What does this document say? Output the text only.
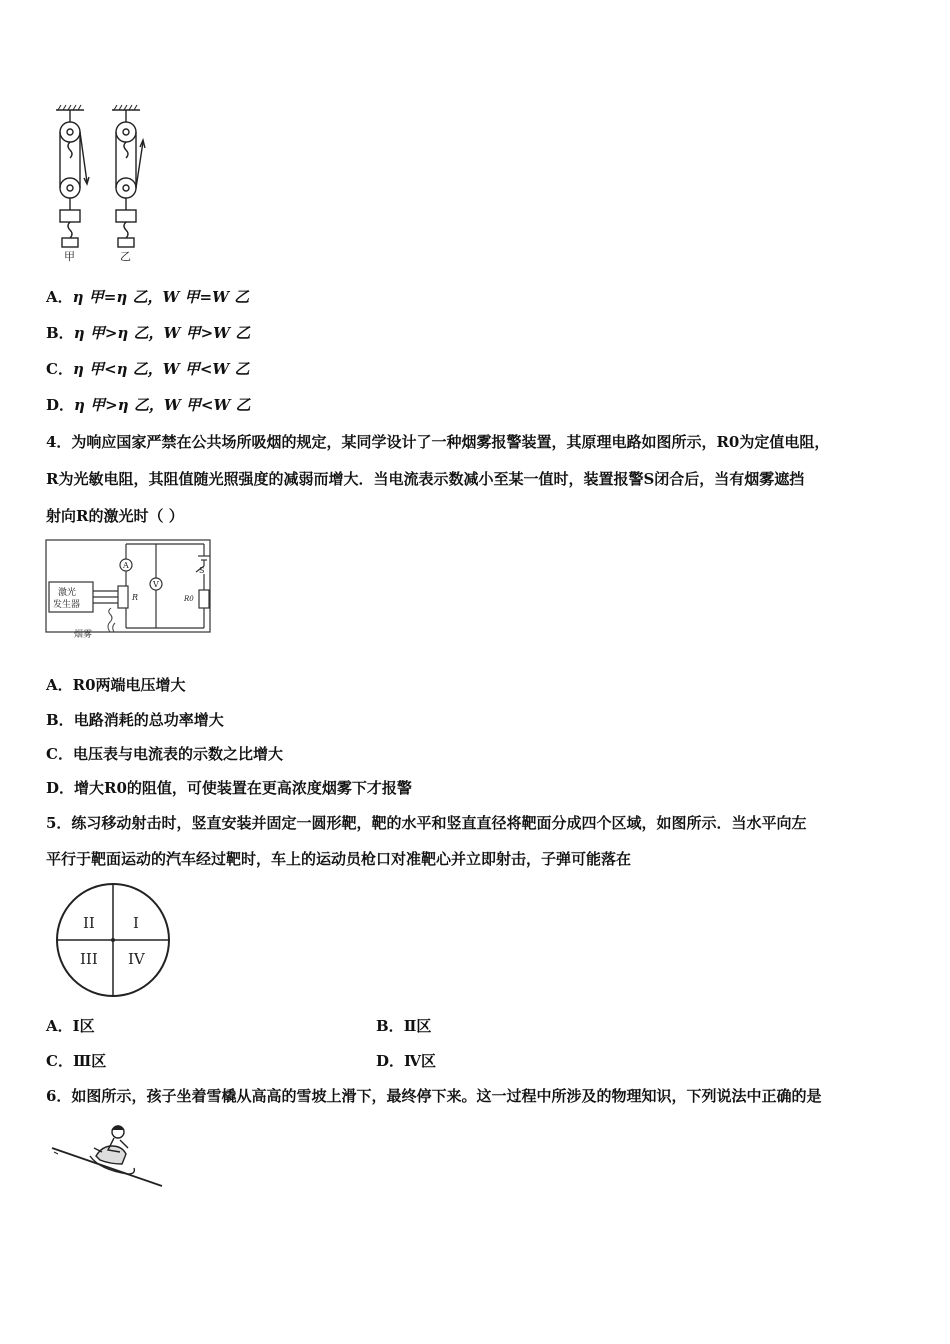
甲	乙
A．η 甲=η 乙，W 甲=W 乙
B．η 甲>η 乙，W 甲>W 乙
C．η 甲<η 乙，W 甲<W 乙
D．η 甲>η 乙，W 甲<W 乙
4．为响应国家严禁在公共场所吸烟的规定，某同学设计了一种烟雾报警装置，其原理电路如图所示，R0为定值电阻，
R为光敏电阻，其阻值随光照强度的减弱而增大．当电流表示数减小至某一值时，装置报警S闭合后，当有烟雾遮挡
射向R的激光时（ ）
A
V
R	R0
S
激光
发生器
烟雾
A．R0两端电压增大
B．电路消耗的总功率增大
C．电压表与电流表的示数之比增大
D．增大R0的阻值，可使装置在更高浓度烟雾下才报警
5．练习移动射击时，竖直安装并固定一圆形靶，靶的水平和竖直直径将靶面分成四个区域，如图所示．当水平向左
平行于靶面运动的汽车经过靶时，车上的运动员枪口对准靶心并立即射击，子弹可能落在
I
II
III IV
A．Ⅰ区	B．Ⅱ区
C．Ⅲ区	D．Ⅳ区
6．如图所示，孩子坐着雪橇从高高的雪坡上滑下，最终停下来。这一过程中所涉及的物理知识，下列说法中正确的是
